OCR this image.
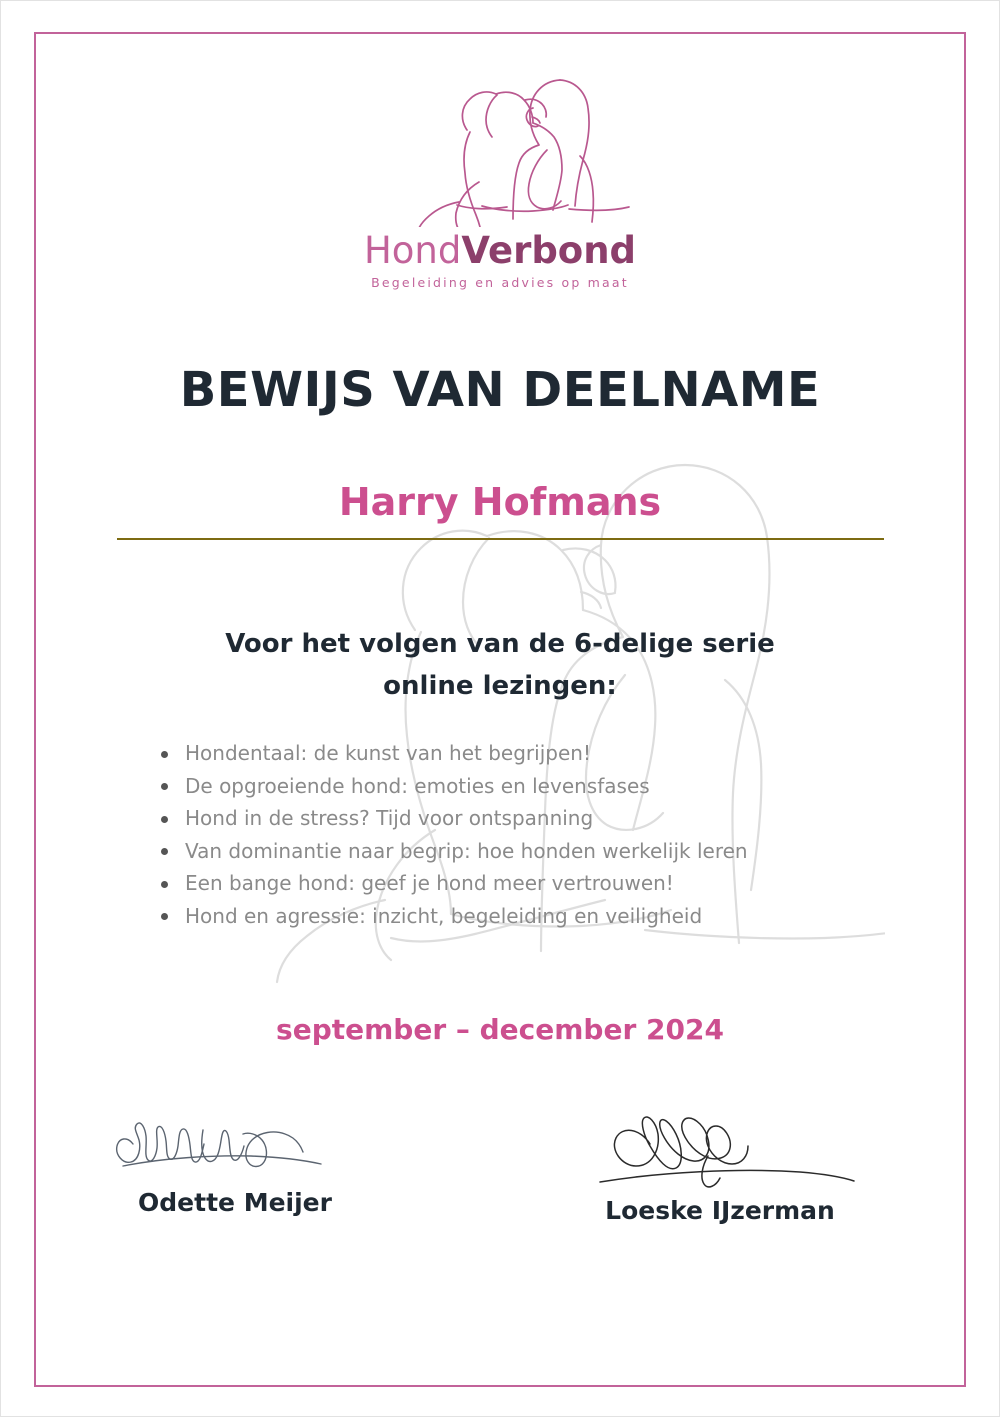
HondVerbond
Begeleiding en advies op maat
BEWIJS VAN DEELNAME
Harry Hofmans
Voor het volgen van de 6-delige serie
online lezingen:
Hondentaal: de kunst van het begrijpen!
De opgroeiende hond: emoties en levensfases
Hond in de stress? Tijd voor ontspanning
Van dominantie naar begrip: hoe honden werkelijk leren
Een bange hond: geef je hond meer vertrouwen!
Hond en agressie: inzicht, begeleiding en veiligheid
september – december 2024
Odette Meijer	Loeske IJzerman
